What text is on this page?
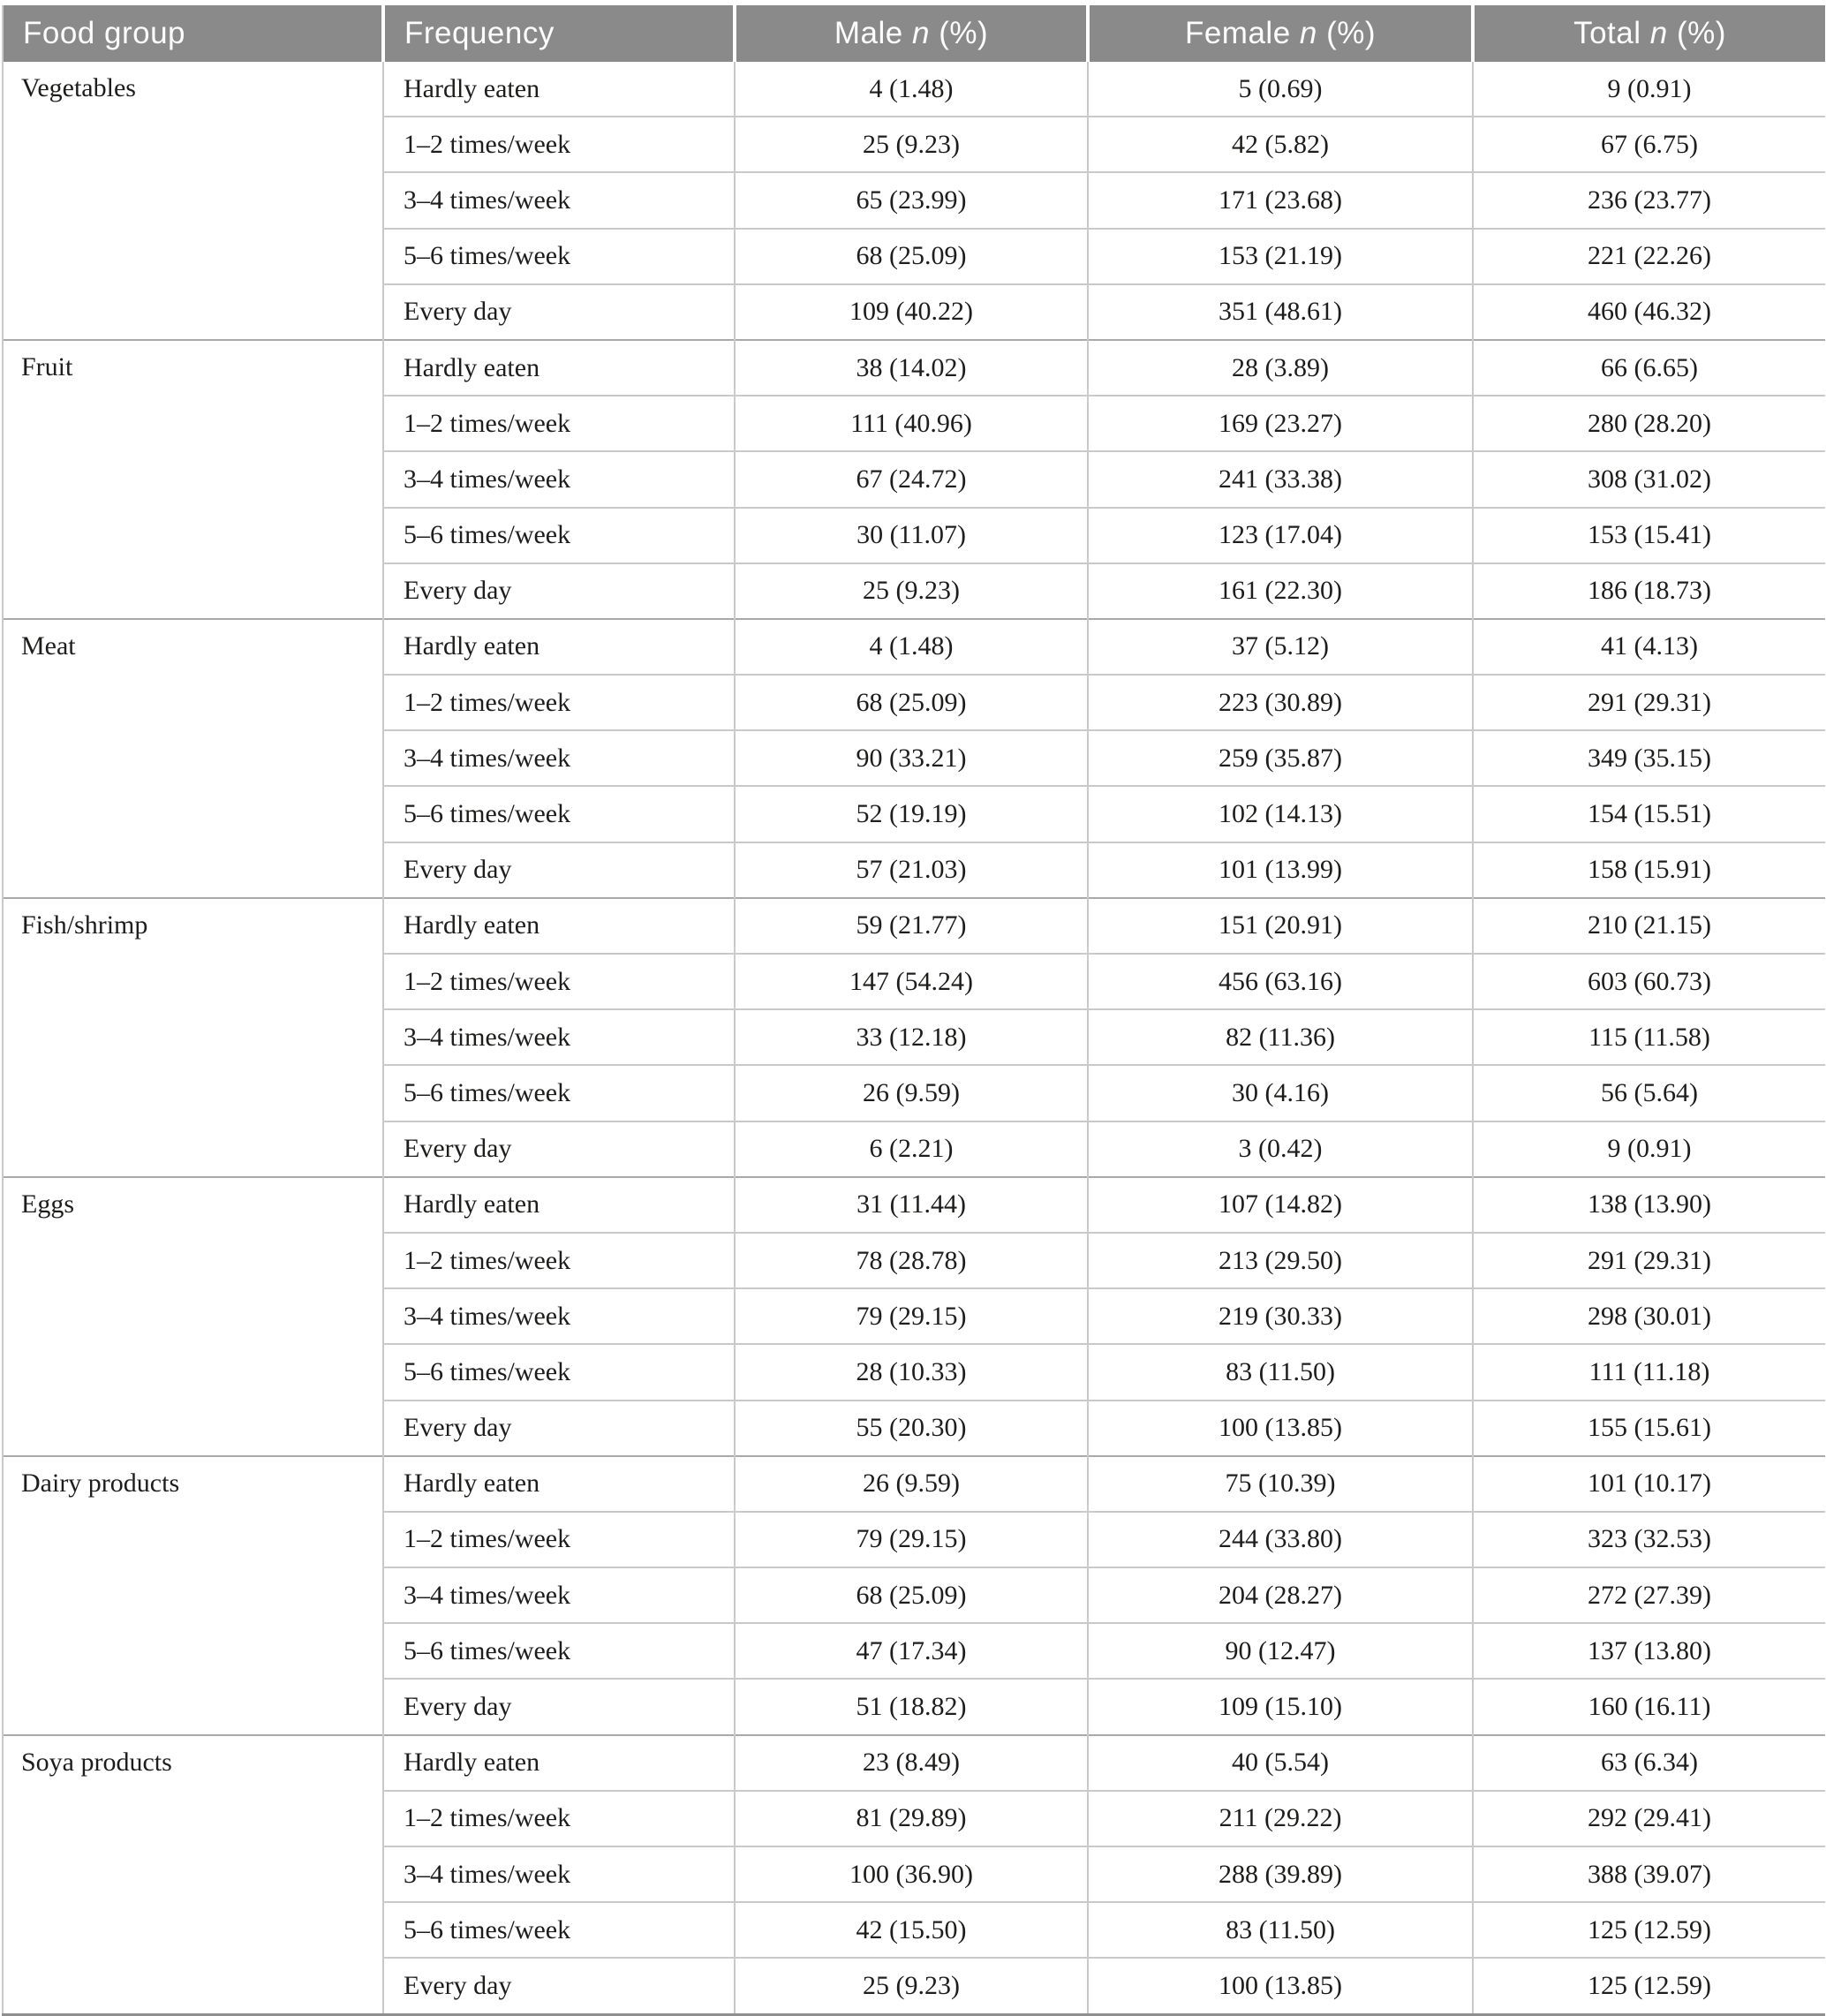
Food group	Frequency	Male n (%)	Female n (%)	Total n (%)
Vegetables	Hardly eaten	4 (1.48)	5 (0.69)	9 (0.91)
	1–2 times/week	25 (9.23)	42 (5.82)	67 (6.75)
	3–4 times/week	65 (23.99)	171 (23.68)	236 (23.77)
	5–6 times/week	68 (25.09)	153 (21.19)	221 (22.26)
	Every day	109 (40.22)	351 (48.61)	460 (46.32)
Fruit	Hardly eaten	38 (14.02)	28 (3.89)	66 (6.65)
	1–2 times/week	111 (40.96)	169 (23.27)	280 (28.20)
	3–4 times/week	67 (24.72)	241 (33.38)	308 (31.02)
	5–6 times/week	30 (11.07)	123 (17.04)	153 (15.41)
	Every day	25 (9.23)	161 (22.30)	186 (18.73)
Meat	Hardly eaten	4 (1.48)	37 (5.12)	41 (4.13)
	1–2 times/week	68 (25.09)	223 (30.89)	291 (29.31)
	3–4 times/week	90 (33.21)	259 (35.87)	349 (35.15)
	5–6 times/week	52 (19.19)	102 (14.13)	154 (15.51)
	Every day	57 (21.03)	101 (13.99)	158 (15.91)
Fish/shrimp	Hardly eaten	59 (21.77)	151 (20.91)	210 (21.15)
	1–2 times/week	147 (54.24)	456 (63.16)	603 (60.73)
	3–4 times/week	33 (12.18)	82 (11.36)	115 (11.58)
	5–6 times/week	26 (9.59)	30 (4.16)	56 (5.64)
	Every day	6 (2.21)	3 (0.42)	9 (0.91)
Eggs	Hardly eaten	31 (11.44)	107 (14.82)	138 (13.90)
	1–2 times/week	78 (28.78)	213 (29.50)	291 (29.31)
	3–4 times/week	79 (29.15)	219 (30.33)	298 (30.01)
	5–6 times/week	28 (10.33)	83 (11.50)	111 (11.18)
	Every day	55 (20.30)	100 (13.85)	155 (15.61)
Dairy products	Hardly eaten	26 (9.59)	75 (10.39)	101 (10.17)
	1–2 times/week	79 (29.15)	244 (33.80)	323 (32.53)
	3–4 times/week	68 (25.09)	204 (28.27)	272 (27.39)
	5–6 times/week	47 (17.34)	90 (12.47)	137 (13.80)
	Every day	51 (18.82)	109 (15.10)	160 (16.11)
Soya products	Hardly eaten	23 (8.49)	40 (5.54)	63 (6.34)
	1–2 times/week	81 (29.89)	211 (29.22)	292 (29.41)
	3–4 times/week	100 (36.90)	288 (39.89)	388 (39.07)
	5–6 times/week	42 (15.50)	83 (11.50)	125 (12.59)
	Every day	25 (9.23)	100 (13.85)	125 (12.59)
